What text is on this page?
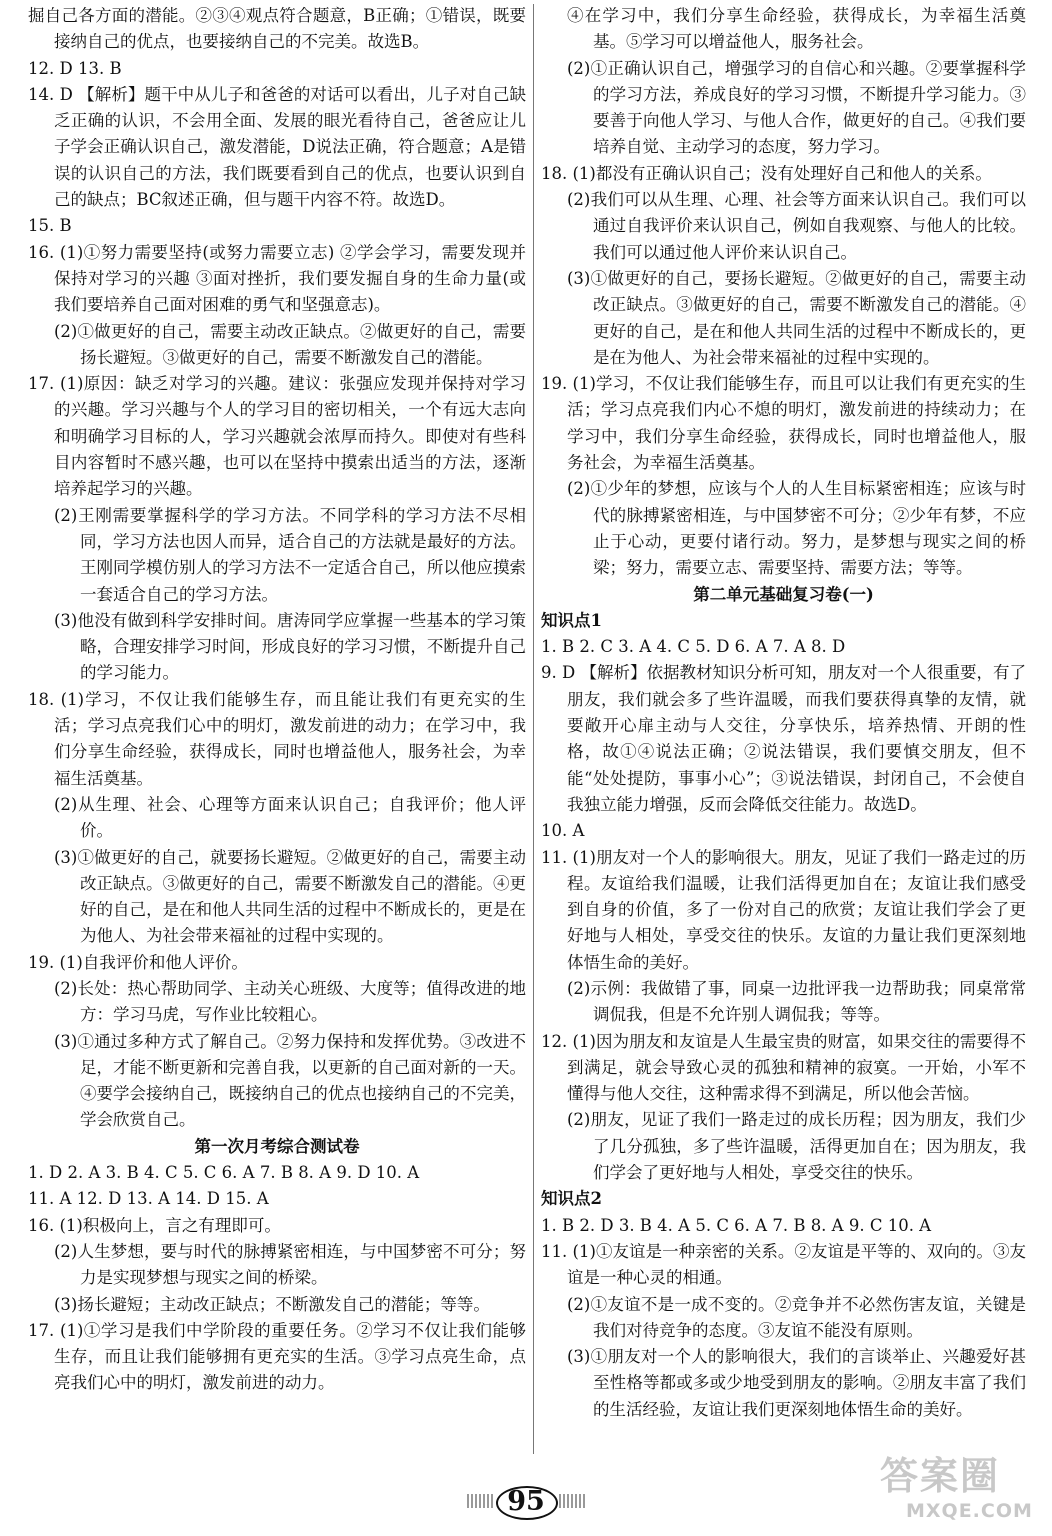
掘自己各方面的潜能。②③④观点符合题意，B正确；①错误，既要接纳自己的优点，也要接纳自己的不完美。故选B。

12. D 13. B

14. D 【解析】题干中从儿子和爸爸的对话可以看出，儿子对自己缺乏正确的认识，不会用全面、发展的眼光看待自己，爸爸应让儿子学会正确认识自己，激发潜能，D说法正确，符合题意；A是错误的认识自己的方法，我们既要看到自己的优点，也要认识到自己的缺点；BC叙述正确，但与题干内容不符。故选D。

15. B

16. (1)①努力需要坚持(或努力需要立志) ②学会学习，需要发现并保持对学习的兴趣 ③面对挫折，我们要发掘自身的生命力量(或我们要培养自己面对困难的勇气和坚强意志)。

(2)①做更好的自己，需要主动改正缺点。②做更好的自己，需要扬长避短。③做更好的自己，需要不断激发自己的潜能。

17. (1)原因：缺乏对学习的兴趣。建议：张强应发现并保持对学习的兴趣。学习兴趣与个人的学习目的密切相关，一个有远大志向和明确学习目标的人，学习兴趣就会浓厚而持久。即使对有些科目内容暂时不感兴趣，也可以在坚持中摸索出适当的方法，逐渐培养起学习的兴趣。

(2)王刚需要掌握科学的学习方法。不同学科的学习方法不尽相同，学习方法也因人而异，适合自己的方法就是最好的方法。王刚同学模仿别人的学习方法不一定适合自己，所以他应摸索一套适合自己的学习方法。

(3)他没有做到科学安排时间。唐涛同学应掌握一些基本的学习策略，合理安排学习时间，形成良好的学习习惯，不断提升自己的学习能力。

18. (1)学习，不仅让我们能够生存，而且能让我们有更充实的生活；学习点亮我们心中的明灯，激发前进的动力；在学习中，我们分享生命经验，获得成长，同时也增益他人，服务社会，为幸福生活奠基。

(2)从生理、社会、心理等方面来认识自己；自我评价；他人评价。

(3)①做更好的自己，就要扬长避短。②做更好的自己，需要主动改正缺点。③做更好的自己，需要不断激发自己的潜能。④更好的自己，是在和他人共同生活的过程中不断成长的，更是在为他人、为社会带来福祉的过程中实现的。

19. (1)自我评价和他人评价。

(2)长处：热心帮助同学、主动关心班级、大度等；值得改进的地方：学习马虎，写作业比较粗心。

(3)①通过多种方式了解自己。②努力保持和发挥优势。③改进不足，才能不断更新和完善自我，以更新的自己面对新的一天。④要学会接纳自己，既接纳自己的优点也接纳自己的不完美，学会欣赏自己。

第一次月考综合测试卷

1. D 2. A 3. B 4. C 5. C 6. A 7. B 8. A 9. D 10. A

11. A 12. D 13. A 14. D 15. A

16. (1)积极向上，言之有理即可。

(2)人生梦想，要与时代的脉搏紧密相连，与中国梦密不可分；努力是实现梦想与现实之间的桥梁。

(3)扬长避短；主动改正缺点；不断激发自己的潜能；等等。

17. (1)①学习是我们中学阶段的重要任务。②学习不仅让我们能够生存，而且让我们能够拥有更充实的生活。③学习点亮生命，点亮我们心中的明灯，激发前进的动力。

④在学习中，我们分享生命经验，获得成长，为幸福生活奠基。⑤学习可以增益他人，服务社会。

(2)①正确认识自己，增强学习的自信心和兴趣。②要掌握科学的学习方法，养成良好的学习习惯，不断提升学习能力。③要善于向他人学习、与他人合作，做更好的自己。④我们要培养自觉、主动学习的态度，努力学习。

18. (1)都没有正确认识自己；没有处理好自己和他人的关系。

(2)我们可以从生理、心理、社会等方面来认识自己。我们可以通过自我评价来认识自己，例如自我观察、与他人的比较。我们可以通过他人评价来认识自己。

(3)①做更好的自己，要扬长避短。②做更好的自己，需要主动改正缺点。③做更好的自己，需要不断激发自己的潜能。④更好的自己，是在和他人共同生活的过程中不断成长的，更是在为他人、为社会带来福祉的过程中实现的。

19. (1)学习，不仅让我们能够生存，而且可以让我们有更充实的生活；学习点亮我们内心不熄的明灯，激发前进的持续动力；在学习中，我们分享生命经验，获得成长，同时也增益他人，服务社会，为幸福生活奠基。

(2)①少年的梦想，应该与个人的人生目标紧密相连；应该与时代的脉搏紧密相连，与中国梦密不可分；②少年有梦，不应止于心动，更要付诸行动。努力，是梦想与现实之间的桥梁；努力，需要立志、需要坚持、需要方法；等等。

第二单元基础复习卷(一)

知识点1

1. B 2. C 3. A 4. C 5. D 6. A 7. A 8. D

9. D 【解析】依据教材知识分析可知，朋友对一个人很重要，有了朋友，我们就会多了些许温暖，而我们要获得真挚的友情，就要敞开心扉主动与人交往，分享快乐，培养热情、开朗的性格，故①④说法正确；②说法错误，我们要慎交朋友，但不能“处处提防，事事小心”；③说法错误，封闭自己，不会使自我独立能力增强，反而会降低交往能力。故选D。

10. A

11. (1)朋友对一个人的影响很大。朋友，见证了我们一路走过的历程。友谊给我们温暖，让我们活得更加自在；友谊让我们感受到自身的价值，多了一份对自己的欣赏；友谊让我们学会了更好地与人相处，享受交往的快乐。友谊的力量让我们更深刻地体悟生命的美好。

(2)示例：我做错了事，同桌一边批评我一边帮助我；同桌常常调侃我，但是不允许别人调侃我；等等。

12. (1)因为朋友和友谊是人生最宝贵的财富，如果交往的需要得不到满足，就会导致心灵的孤独和精神的寂寞。一开始，小军不懂得与他人交往，这种需求得不到满足，所以他会苦恼。

(2)朋友，见证了我们一路走过的成长历程；因为朋友，我们少了几分孤独，多了些许温暖，活得更加自在；因为朋友，我们学会了更好地与人相处，享受交往的快乐。

知识点2

1. B 2. D 3. B 4. A 5. C 6. A 7. B 8. A 9. C 10. A

11. (1)①友谊是一种亲密的关系。②友谊是平等的、双向的。③友谊是一种心灵的相通。

(2)①友谊不是一成不变的。②竞争并不必然伤害友谊，关键是我们对待竞争的态度。③友谊不能没有原则。

(3)①朋友对一个人的影响很大，我们的言谈举止、兴趣爱好甚至性格等都或多或少地受到朋友的影响。②朋友丰富了我们的生活经验，友谊让我们更深刻地体悟生命的美好。

95
答案圈
MXQE.COM
